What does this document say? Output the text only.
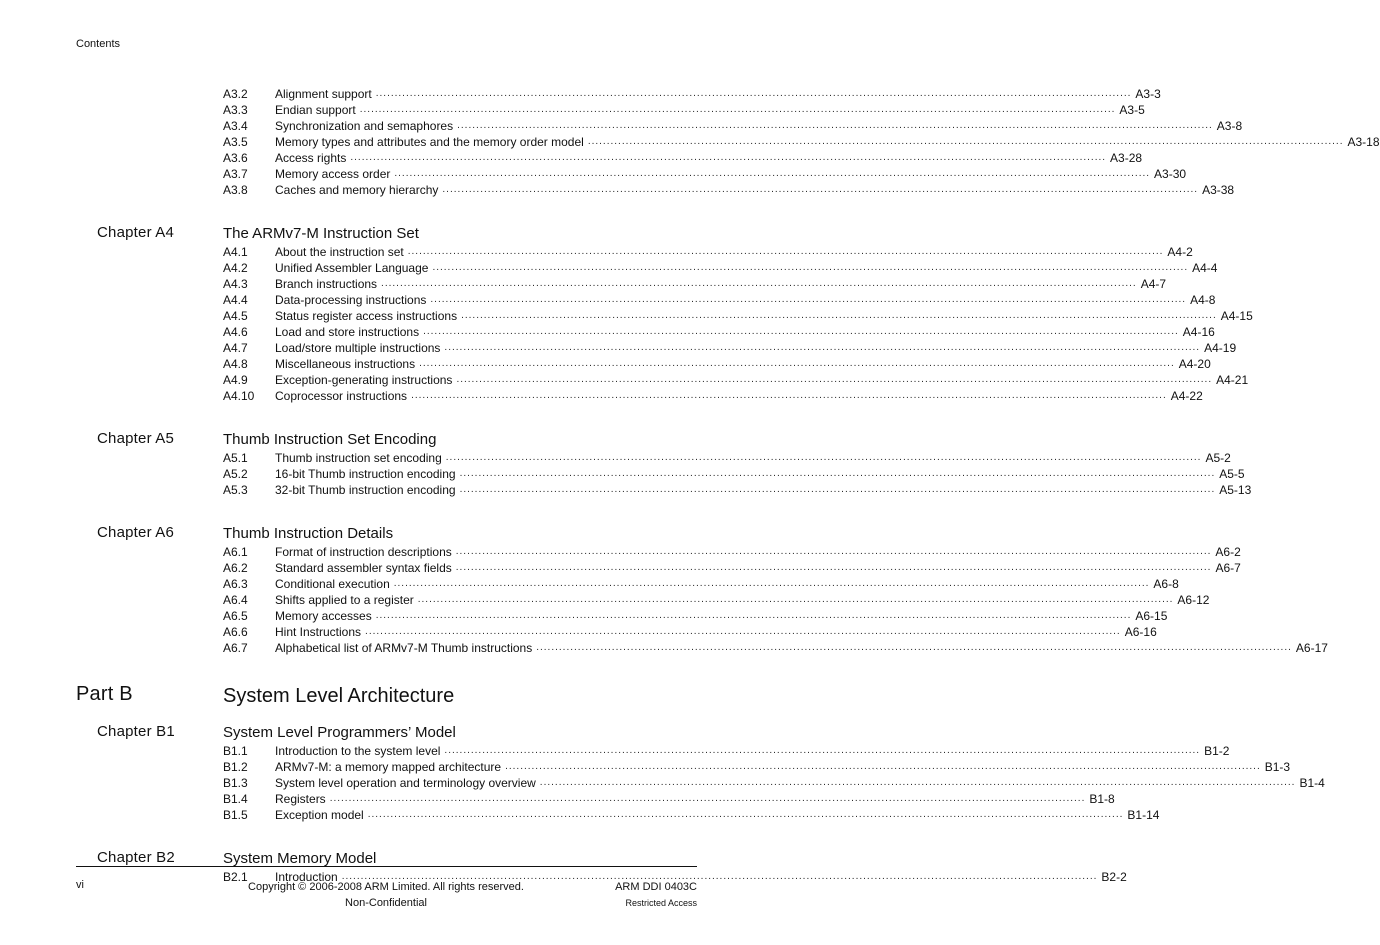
Contents
A3.2 Alignment support ........................................................................................................................................................................................................ A3-3
A3.3 Endian support ........................................................................................................................................................................................................ A3-5
A3.4 Synchronization and semaphores ........................................................................................................................................................................................................ A3-8
A3.5 Memory types and attributes and the memory order model ........................................................................................................................................................................................................ A3-18
A3.6 Access rights ........................................................................................................................................................................................................ A3-28
A3.7 Memory access order ........................................................................................................................................................................................................ A3-30
A3.8 Caches and memory hierarchy ........................................................................................................................................................................................................ A3-38
Chapter A4	The ARMv7-M Instruction Set
A4.1 About the instruction set ........................................................................................................................................................................................................ A4-2
A4.2 Unified Assembler Language ........................................................................................................................................................................................................ A4-4
A4.3 Branch instructions ........................................................................................................................................................................................................ A4-7
A4.4 Data-processing instructions ........................................................................................................................................................................................................ A4-8
A4.5 Status register access instructions ........................................................................................................................................................................................................ A4-15
A4.6 Load and store instructions ........................................................................................................................................................................................................ A4-16
A4.7 Load/store multiple instructions ........................................................................................................................................................................................................ A4-19
A4.8 Miscellaneous instructions ........................................................................................................................................................................................................ A4-20
A4.9 Exception-generating instructions ........................................................................................................................................................................................................ A4-21
A4.10 Coprocessor instructions ........................................................................................................................................................................................................ A4-22
Chapter A5	Thumb Instruction Set Encoding
A5.1 Thumb instruction set encoding ........................................................................................................................................................................................................ A5-2
A5.2 16-bit Thumb instruction encoding ........................................................................................................................................................................................................ A5-5
A5.3 32-bit Thumb instruction encoding ........................................................................................................................................................................................................ A5-13
Chapter A6	Thumb Instruction Details
A6.1 Format of instruction descriptions ........................................................................................................................................................................................................ A6-2
A6.2 Standard assembler syntax fields ........................................................................................................................................................................................................ A6-7
A6.3 Conditional execution ........................................................................................................................................................................................................ A6-8
A6.4 Shifts applied to a register ........................................................................................................................................................................................................ A6-12
A6.5 Memory accesses ........................................................................................................................................................................................................ A6-15
A6.6 Hint Instructions ........................................................................................................................................................................................................ A6-16
A6.7 Alphabetical list of ARMv7-M Thumb instructions ........................................................................................................................................................................................................ A6-17
Part B	System Level Architecture
Chapter B1	System Level Programmers’ Model
B1.1 Introduction to the system level ........................................................................................................................................................................................................ B1-2
B1.2 ARMv7-M: a memory mapped architecture ........................................................................................................................................................................................................ B1-3
B1.3 System level operation and terminology overview ........................................................................................................................................................................................................ B1-4
B1.4 Registers ........................................................................................................................................................................................................ B1-8
B1.5 Exception model ........................................................................................................................................................................................................ B1-14
Chapter B2	System Memory Model
B2.1 Introduction ........................................................................................................................................................................................................ B2-2
vi	Copyright © 2006-2008 ARM Limited. All rights reserved.
Non-Confidential
ARM DDI 0403C
Restricted Access
